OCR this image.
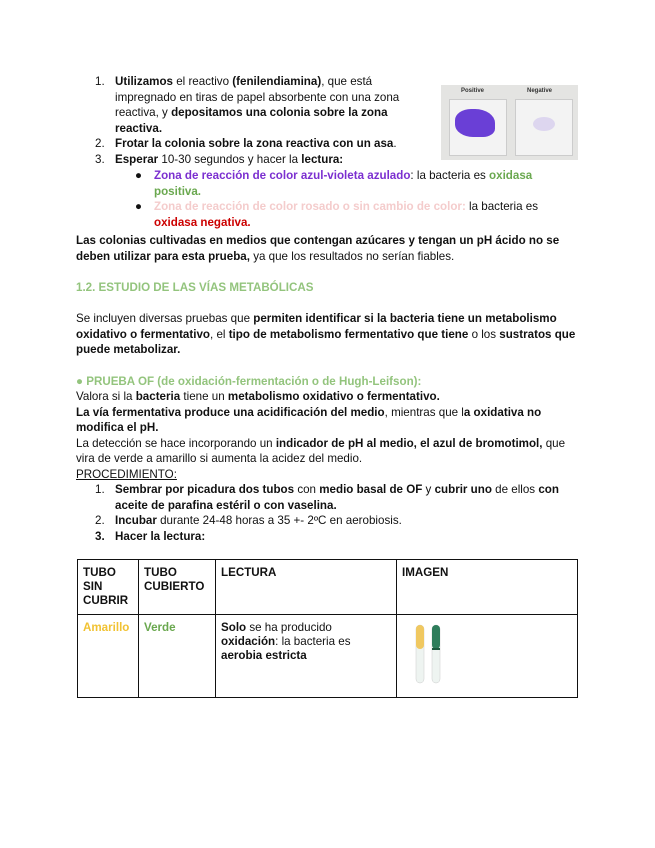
1. Utilizamos el reactivo (fenilendiamina), que está impregnado en tiras de papel absorbente con una zona reactiva, y depositamos una colonia sobre la zona reactiva.
2. Frotar la colonia sobre la zona reactiva con un asa.
3. Esperar 10-30 segundos y hacer la lectura:
● Zona de reacción de color azul-violeta azulado: la bacteria es oxidasa positiva.
● Zona de reacción de color rosado o sin cambio de color: la bacteria es oxidasa negativa.
Positive	Negative
Las colonias cultivadas en medios que contengan azúcares y tengan un pH ácido no se deben utilizar para esta prueba, ya que los resultados no serían fiables.
1.2. ESTUDIO DE LAS VÍAS METABÓLICAS
Se incluyen diversas pruebas que permiten identificar si la bacteria tiene un metabolismo oxidativo o fermentativo, el tipo de metabolismo fermentativo que tiene o los sustratos que puede metabolizar.
● PRUEBA OF (de oxidación-fermentación o de Hugh-Leifson):
Valora si la bacteria tiene un metabolismo oxidativo o fermentativo.
La vía fermentativa produce una acidificación del medio, mientras que la oxidativa no modifica el pH.
La detección se hace incorporando un indicador de pH al medio, el azul de bromotimol, que vira de verde a amarillo si aumenta la acidez del medio.
PROCEDIMIENTO:
1. Sembrar por picadura dos tubos con medio basal de OF y cubrir uno de ellos con aceite de parafina estéril o con vaselina.
2. Incubar durante 24-48 horas a 35 +- 2ºC en aerobiosis.
3. Hacer la lectura:
TUBO SIN CUBRIR	TUBO CUBIERTO	LECTURA	IMAGEN
Amarillo	Verde	Solo se ha producido oxidación: la bacteria es aerobia estricta	
